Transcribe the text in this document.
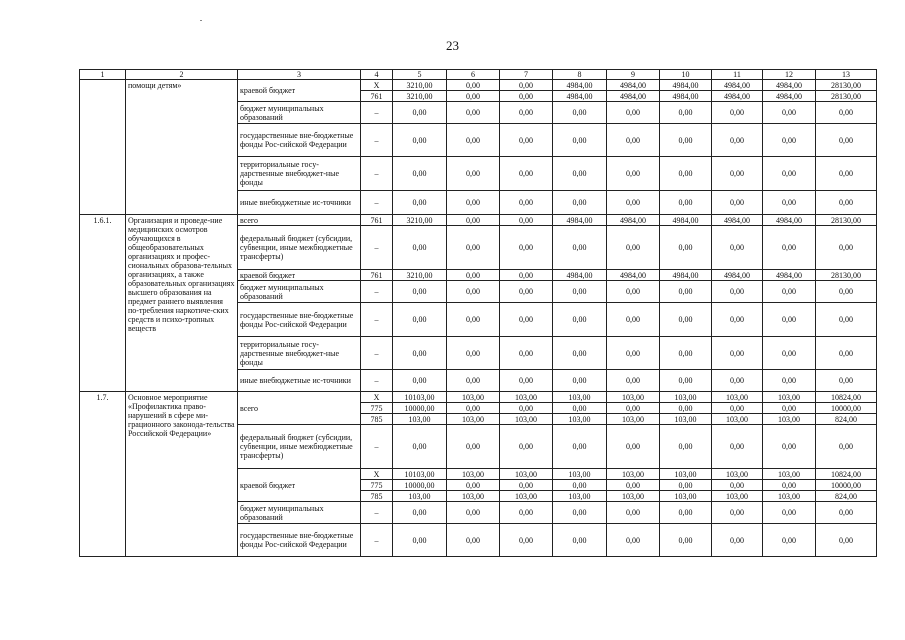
23
1	2	3	4	5	6	7	8	9	10	11	12	13
	помощи детям»	краевой бюджет	X	3210,00	0,00	0,00	4984,00	4984,00	4984,00	4984,00	4984,00	28130,00
			761	3210,00	0,00	0,00	4984,00	4984,00	4984,00	4984,00	4984,00	28130,00
		бюджет муниципальных образований	–	0,00	0,00	0,00	0,00	0,00	0,00	0,00	0,00	0,00
		государственные вне-бюджетные фонды Рос-сийской Федерации	–	0,00	0,00	0,00	0,00	0,00	0,00	0,00	0,00	0,00
		территориальные госу-дарственные внебюджет-ные фонды	–	0,00	0,00	0,00	0,00	0,00	0,00	0,00	0,00	0,00
		иные внебюджетные ис-точники	–	0,00	0,00	0,00	0,00	0,00	0,00	0,00	0,00	0,00
1.6.1.	Организация и проведе-ние медицинских осмотров обучающихся в общеобразовательных организациях и профес-сиональных образова-тельных организациях, а также образовательных организациях высшего образования на предмет раннего выявления по-требления наркотиче-ских средств и психо-тропных веществ	всего	761	3210,00	0,00	0,00	4984,00	4984,00	4984,00	4984,00	4984,00	28130,00
		федеральный бюджет (субсидии, субвенции, иные межбюджетные трансферты)	–	0,00	0,00	0,00	0,00	0,00	0,00	0,00	0,00	0,00
		краевой бюджет	761	3210,00	0,00	0,00	4984,00	4984,00	4984,00	4984,00	4984,00	28130,00
		бюджет муниципальных образований	–	0,00	0,00	0,00	0,00	0,00	0,00	0,00	0,00	0,00
		государственные вне-бюджетные фонды Рос-сийской Федерации	–	0,00	0,00	0,00	0,00	0,00	0,00	0,00	0,00	0,00
		территориальные госу-дарственные внебюджет-ные фонды	–	0,00	0,00	0,00	0,00	0,00	0,00	0,00	0,00	0,00
		иные внебюджетные ис-точники	–	0,00	0,00	0,00	0,00	0,00	0,00	0,00	0,00	0,00
1.7.	Основное мероприятие «Профилактика право-нарушений в сфере ми-грационного законода-тельства Российской Федерации»	всего	X	10103,00	103,00	103,00	103,00	103,00	103,00	103,00	103,00	10824,00
			775	10000,00	0,00	0,00	0,00	0,00	0,00	0,00	0,00	10000,00
			785	103,00	103,00	103,00	103,00	103,00	103,00	103,00	103,00	824,00
		федеральный бюджет (субсидии, субвенции, иные межбюджетные трансферты)	–	0,00	0,00	0,00	0,00	0,00	0,00	0,00	0,00	0,00
		краевой бюджет	X	10103,00	103,00	103,00	103,00	103,00	103,00	103,00	103,00	10824,00
			775	10000,00	0,00	0,00	0,00	0,00	0,00	0,00	0,00	10000,00
			785	103,00	103,00	103,00	103,00	103,00	103,00	103,00	103,00	824,00
		бюджет муниципальных образований	–	0,00	0,00	0,00	0,00	0,00	0,00	0,00	0,00	0,00
		государственные вне-бюджетные фонды Рос-сийской Федерации	–	0,00	0,00	0,00	0,00	0,00	0,00	0,00	0,00	0,00
